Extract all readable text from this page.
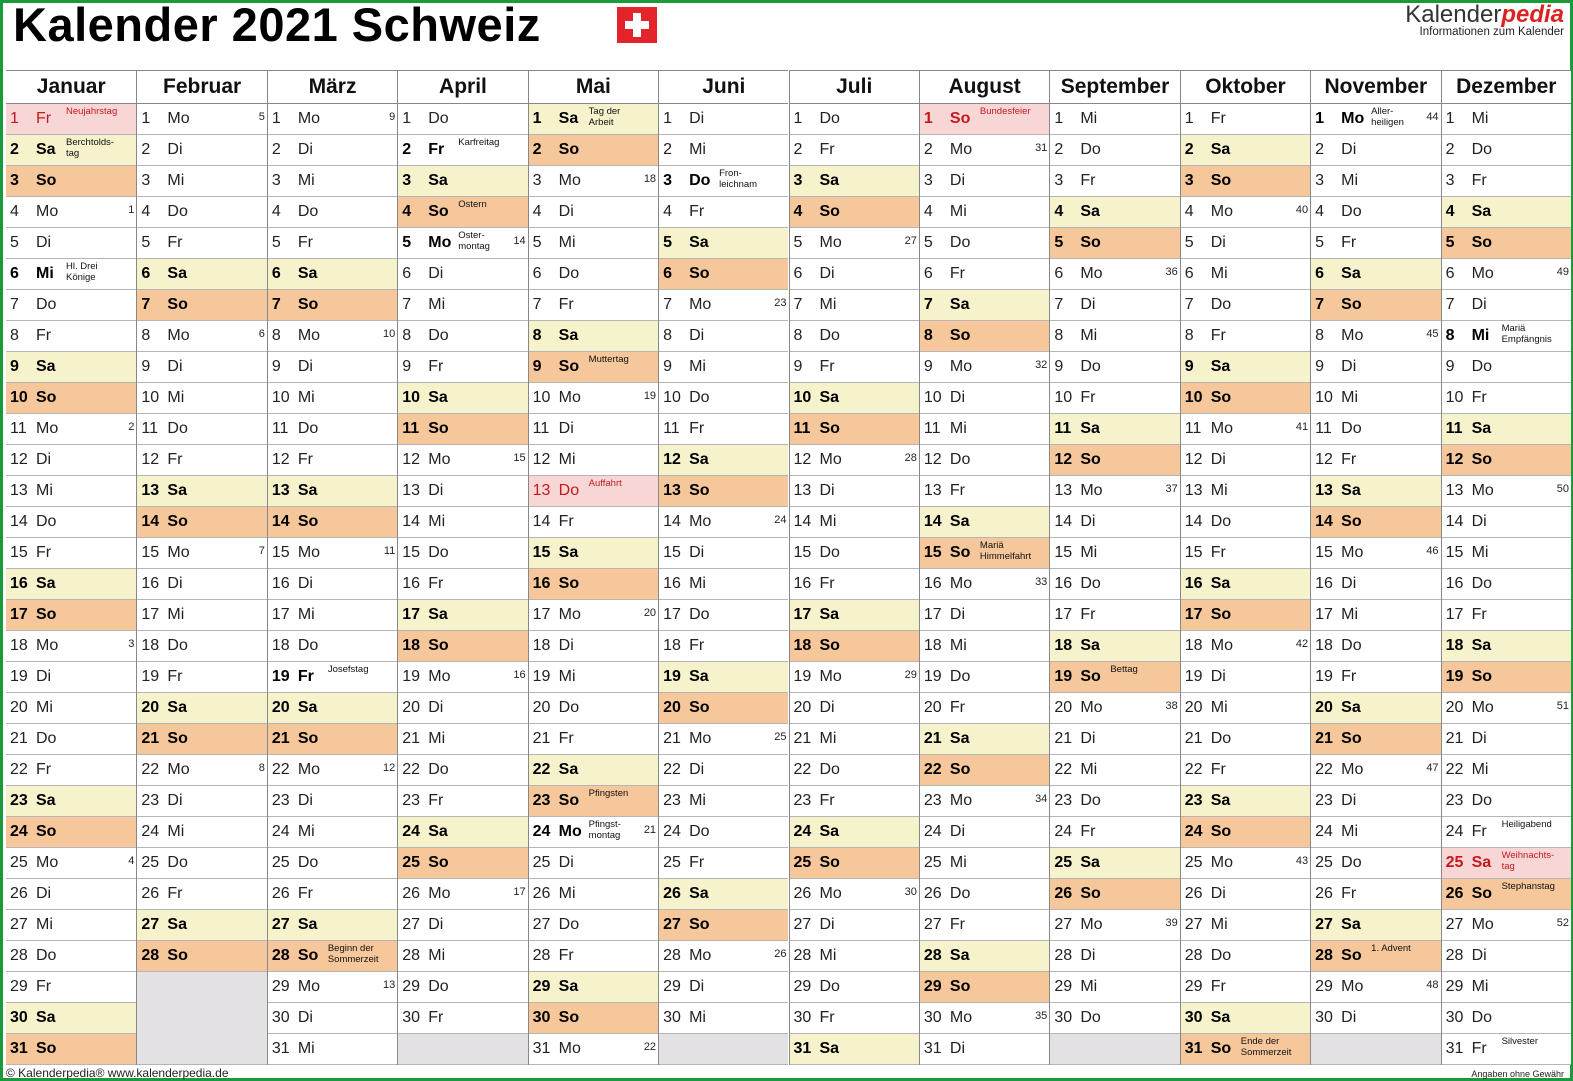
Kalender 2021 Schweiz	Kalenderpedia
Informationen zum Kalender
Januar
1 Fr Neujahrstag
2 Sa Berchtolds-
tag
3 So
4 Mo	1
5 Di
6 Mi Hl. Drei
Könige
7 Do
8 Fr
9 Sa
10 So
11 Mo	2
12 Di
13 Mi
14 Do
15 Fr
16 Sa
17 So
18 Mo	3
19 Di
20 Mi
21 Do
22 Fr
23 Sa
24 So
25 Mo	4
26 Di
27 Mi
28 Do
29 Fr
30 Sa
31 So
Februar
1 Mo	5
2 Di
3 Mi
4 Do
5 Fr
6 Sa
7 So
8 Mo	6
9 Di
10 Mi
11 Do
12 Fr
13 Sa
14 So
15 Mo	7
16 Di
17 Mi
18 Do
19 Fr
20 Sa
21 So
22 Mo	8
23 Di
24 Mi
25 Do
26 Fr
27 Sa
28 So
März
1 Mo	9
2 Di
3 Mi
4 Do
5 Fr
6 Sa
7 So
8 Mo	10
9 Di
10 Mi
11 Do
12 Fr
13 Sa
14 So
15 Mo	11
16 Di
17 Mi
18 Do
19 Fr Josefstag
20 Sa
21 So
22 Mo	12
23 Di
24 Mi
25 Do
26 Fr
27 Sa
28 So Beginn der
Sommerzeit
29 Mo	13
30 Di
31 Mi
April
1 Do
2 Fr Karfreitag
3 Sa
4 So Ostern
5 Mo Oster-
montag 14
6 Di
7 Mi
8 Do
9 Fr
10 Sa
11 So
12 Mo	15
13 Di
14 Mi
15 Do
16 Fr
17 Sa
18 So
19 Mo	16
20 Di
21 Mi
22 Do
23 Fr
24 Sa
25 So
26 Mo	17
27 Di
28 Mi
29 Do
30 Fr
Mai
1 Sa Tag der
Arbeit
2 So
3 Mo	18
4 Di
5 Mi
6 Do
7 Fr
8 Sa
9 So Muttertag
10 Mo	19
11 Di
12 Mi
13 Do Auffahrt
14 Fr
15 Sa
16 So
17 Mo	20
18 Di
19 Mi
20 Do
21 Fr
22 Sa
23 So Pfingsten
24 Mo Pfingst-
montag 21
25 Di
26 Mi
27 Do
28 Fr
29 Sa
30 So
31 Mo	22
Juni
1 Di
2 Mi
3 Do Fron-
leichnam
4 Fr
5 Sa
6 So
7 Mo	23
8 Di
9 Mi
10 Do
11 Fr
12 Sa
13 So
14 Mo	24
15 Di
16 Mi
17 Do
18 Fr
19 Sa
20 So
21 Mo	25
22 Di
23 Mi
24 Do
25 Fr
26 Sa
27 So
28 Mo	26
29 Di
30 Mi
Juli
1 Do
2 Fr
3 Sa
4 So
5 Mo	27
6 Di
7 Mi
8 Do
9 Fr
10 Sa
11 So
12 Mo	28
13 Di
14 Mi
15 Do
16 Fr
17 Sa
18 So
19 Mo	29
20 Di
21 Mi
22 Do
23 Fr
24 Sa
25 So
26 Mo	30
27 Di
28 Mi
29 Do
30 Fr
31 Sa
August
1 So Bundesfeier
2 Mo	31
3 Di
4 Mi
5 Do
6 Fr
7 Sa
8 So
9 Mo	32
10 Di
11 Mi
12 Do
13 Fr
14 Sa
15 So Mariä
Himmelfahrt
16 Mo	33
17 Di
18 Mi
19 Do
20 Fr
21 Sa
22 So
23 Mo	34
24 Di
25 Mi
26 Do
27 Fr
28 Sa
29 So
30 Mo	35
31 Di
September
1 Mi
2 Do
3 Fr
4 Sa
5 So
6 Mo	36
7 Di
8 Mi
9 Do
10 Fr
11 Sa
12 So
13 Mo	37
14 Di
15 Mi
16 Do
17 Fr
18 Sa
19 So Bettag
20 Mo	38
21 Di
22 Mi
23 Do
24 Fr
25 Sa
26 So
27 Mo	39
28 Di
29 Mi
30 Do
Oktober
1 Fr
2 Sa
3 So
4 Mo	40
5 Di
6 Mi
7 Do
8 Fr
9 Sa
10 So
11 Mo	41
12 Di
13 Mi
14 Do
15 Fr
16 Sa
17 So
18 Mo	42
19 Di
20 Mi
21 Do
22 Fr
23 Sa
24 So
25 Mo	43
26 Di
27 Mi
28 Do
29 Fr
30 Sa
31 So Ende der
Sommerzeit
November
1 Mo Aller-
heiligen 44
2 Di
3 Mi
4 Do
5 Fr
6 Sa
7 So
8 Mo	45
9 Di
10 Mi
11 Do
12 Fr
13 Sa
14 So
15 Mo	46
16 Di
17 Mi
18 Do
19 Fr
20 Sa
21 So
22 Mo	47
23 Di
24 Mi
25 Do
26 Fr
27 Sa
28 So 1. Advent
29 Mo	48
30 Di
Dezember
1 Mi
2 Do
3 Fr
4 Sa
5 So
6 Mo	49
7 Di
8 Mi Mariä
Empfängnis
9 Do
10 Fr
11 Sa
12 So
13 Mo	50
14 Di
15 Mi
16 Do
17 Fr
18 Sa
19 So
20 Mo	51
21 Di
22 Mi
23 Do
24 Fr Heiligabend
25 Sa Weihnachts-
tag
26 So Stephanstag
27 Mo	52
28 Di
29 Mi
30 Do
31 Fr Silvester
© Kalenderpedia® www.kalenderpedia.de	Angaben ohne Gewähr
